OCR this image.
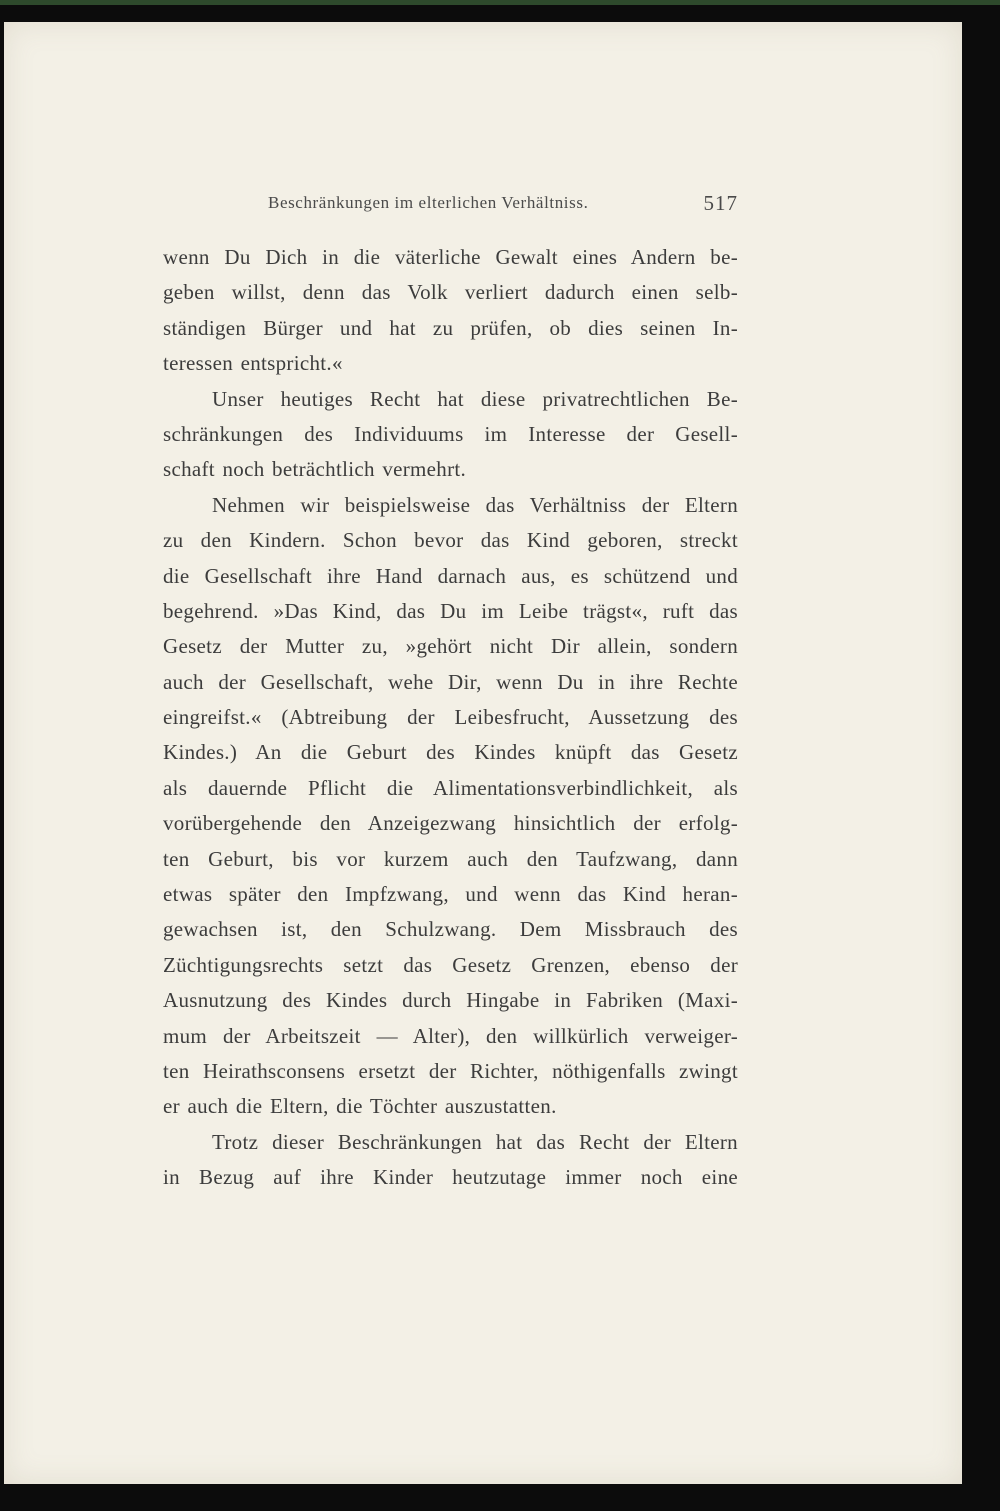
Beschränkungen im elterlichen Verhältniss.	517
wenn Du Dich in die väterliche Gewalt eines Andern be-
geben willst, denn das Volk verliert dadurch einen selb-
ständigen Bürger und hat zu prüfen, ob dies seinen In-
teressen entspricht.«
Unser heutiges Recht hat diese privatrechtlichen Be-
schränkungen des Individuums im Interesse der Gesell-
schaft noch beträchtlich vermehrt.
Nehmen wir beispielsweise das Verhältniss der Eltern
zu den Kindern. Schon bevor das Kind geboren, streckt
die Gesellschaft ihre Hand darnach aus, es schützend und
begehrend. »Das Kind, das Du im Leibe trägst«, ruft das
Gesetz der Mutter zu, »gehört nicht Dir allein, sondern
auch der Gesellschaft, wehe Dir, wenn Du in ihre Rechte
eingreifst.« (Abtreibung der Leibesfrucht, Aussetzung des
Kindes.) An die Geburt des Kindes knüpft das Gesetz
als dauernde Pflicht die Alimentationsverbindlichkeit, als
vorübergehende den Anzeigezwang hinsichtlich der erfolg-
ten Geburt, bis vor kurzem auch den Taufzwang, dann
etwas später den Impfzwang, und wenn das Kind heran-
gewachsen ist, den Schulzwang. Dem Missbrauch des
Züchtigungsrechts setzt das Gesetz Grenzen, ebenso der
Ausnutzung des Kindes durch Hingabe in Fabriken (Maxi-
mum der Arbeitszeit — Alter), den willkürlich verweiger-
ten Heirathsconsens ersetzt der Richter, nöthigenfalls zwingt
er auch die Eltern, die Töchter auszustatten.
Trotz dieser Beschränkungen hat das Recht der Eltern
in Bezug auf ihre Kinder heutzutage immer noch eine
